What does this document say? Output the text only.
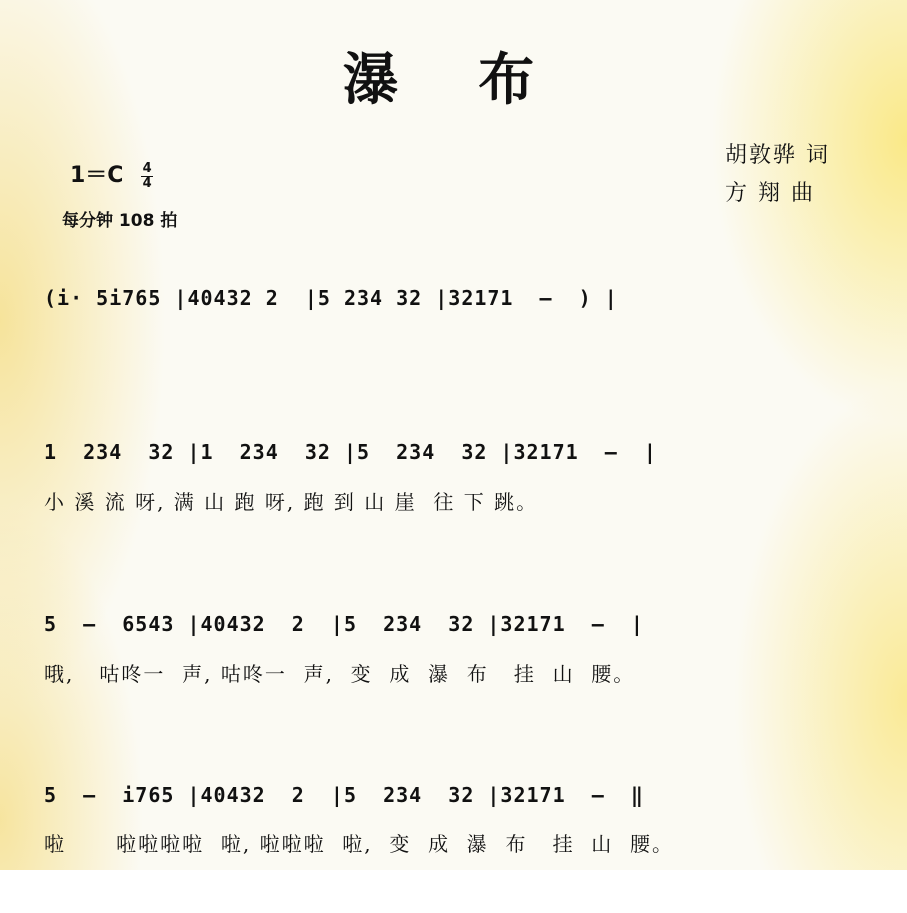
瀑 布
$1=C \frac{4}{4}$
每分钟 108 拍
胡敦骅 词
方 翔 曲
(i· 5i765 |40432 2  |5 234 32 |32171  –  ) |
1  234  32 |1  234  32 |5  234  32 |32171  –  |
小 溪 流 呀, 满 山 跑 呀, 跑 到 山 崖  往 下 跳。
5  –  6543 |40432  2  |5  234  32 |32171  –  |
哦,   咕咚一  声, 咕咚一  声,  变  成  瀑  布   挂  山  腰。
5  –  i765 |40432  2  |5  234  32 |32171  –  ‖
啦      啦啦啦啦  啦, 啦啦啦  啦,  变  成  瀑  布   挂  山  腰。
